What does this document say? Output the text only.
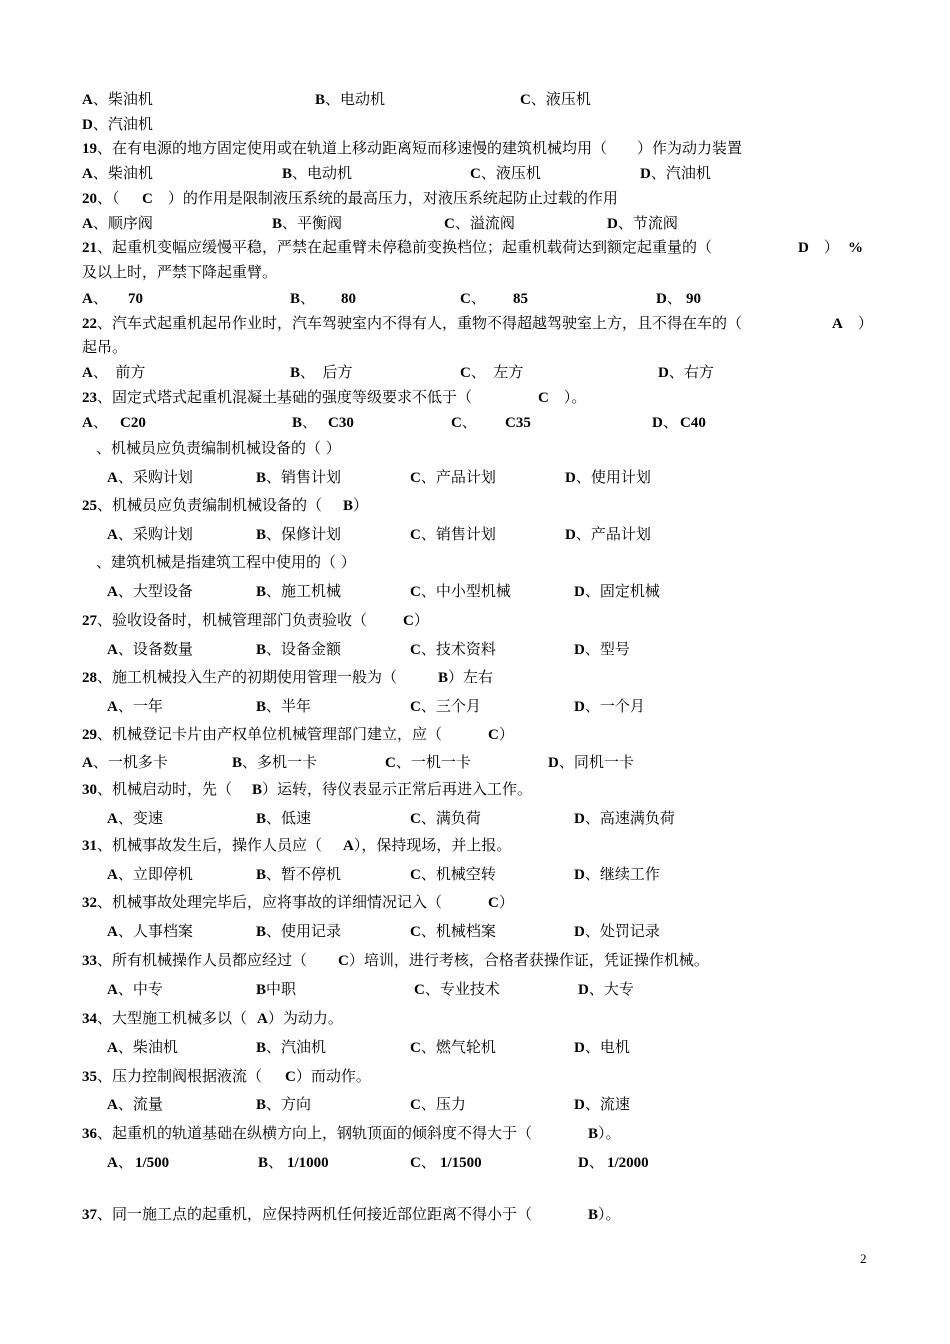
A、柴油机	B、电动机	C、液压机
D、汽油机
19、在有电源的地方固定使用或在轨道上移动距离短而移速慢的建筑机械均用（　　）作为动力装置
A、柴油机	B、电动机	C、液压机	D、汽油机
20、（　 C　）的作用是限制液压系统的最高压力，对液压系统起防止过载的作用
A、顺序阀	B、平衡阀	C、溢流阀	D、节流阀
21、起重机变幅应缓慢平稳，严禁在起重臂未停稳前变换档位；起重机载荷达到额定起重量的（	D　） %
及以上时，严禁下降起重臂。
A、 70	B、 80	C、 85	D、 90
22、汽车式起重机起吊作业时，汽车驾驶室内不得有人，重物不得超越驾驶室上方，且不得在车的（	A　）
起吊。
A、　前方	B、　后方	C、　左方	D、右方
23、固定式塔式起重机混凝土基础的强度等级要求不低于（　	C　）。
A、 C20	B、 C30	C、 C35	D、 C40
、机械员应负责编制机械设备的（ ）
A、采购计划	B、销售计划	C、产品计划	D、使用计划
25、机械员应负责编制机械设备的（ B）
A、采购计划	B、保修计划	C、销售计划	D、产品计划
、建筑机械是指建筑工程中使用的（ ）
A、大型设备	B、施工机械	C、中小型机械	D、固定机械
27、验收设备时，机械管理部门负责验收（ C）
A、设备数量	B、设备金额	C、技术资料	D、型号
28、施工机械投入生产的初期使用管理一般为（	B）左右
A、一年	B、半年	C、三个月	D、一个月
29、机械登记卡片由产权单位机械管理部门建立，应（	C）
A、一机多卡	B、多机一卡	C、一机一卡	D、同机一卡
30、机械启动时，先（ B）运转，待仪表显示正常后再进入工作。
A、变速	B、低速	C、满负荷	D、高速满负荷
31、机械事故发生后，操作人员应（ A），保持现场，并上报。
A、立即停机	B、暂不停机	C、机械空转	D、继续工作
32、机械事故处理完毕后，应将事故的详细情况记入（	C）
A、人事档案	B、使用记录	C、机械档案	D、处罚记录
33、所有机械操作人员都应经过（ C）培训，进行考核，合格者获操作证，凭证操作机械。
A、中专	B中职	C、专业技术	D、大专
34、大型施工机械多以（ A）为动力。
A、柴油机	B、汽油机	C、燃气轮机	D、电机
35、压力控制阀根据液流（ C）而动作。
A、流量	B、方向	C、压力	D、流速
36、起重机的轨道基础在纵横方向上，钢轨顶面的倾斜度不得大于（	B）。
A、 1/500	B、 1/1000	C、 1/1500	D、 1/2000
37、同一施工点的起重机，应保持两机任何接近部位距离不得小于（	B）。
2
